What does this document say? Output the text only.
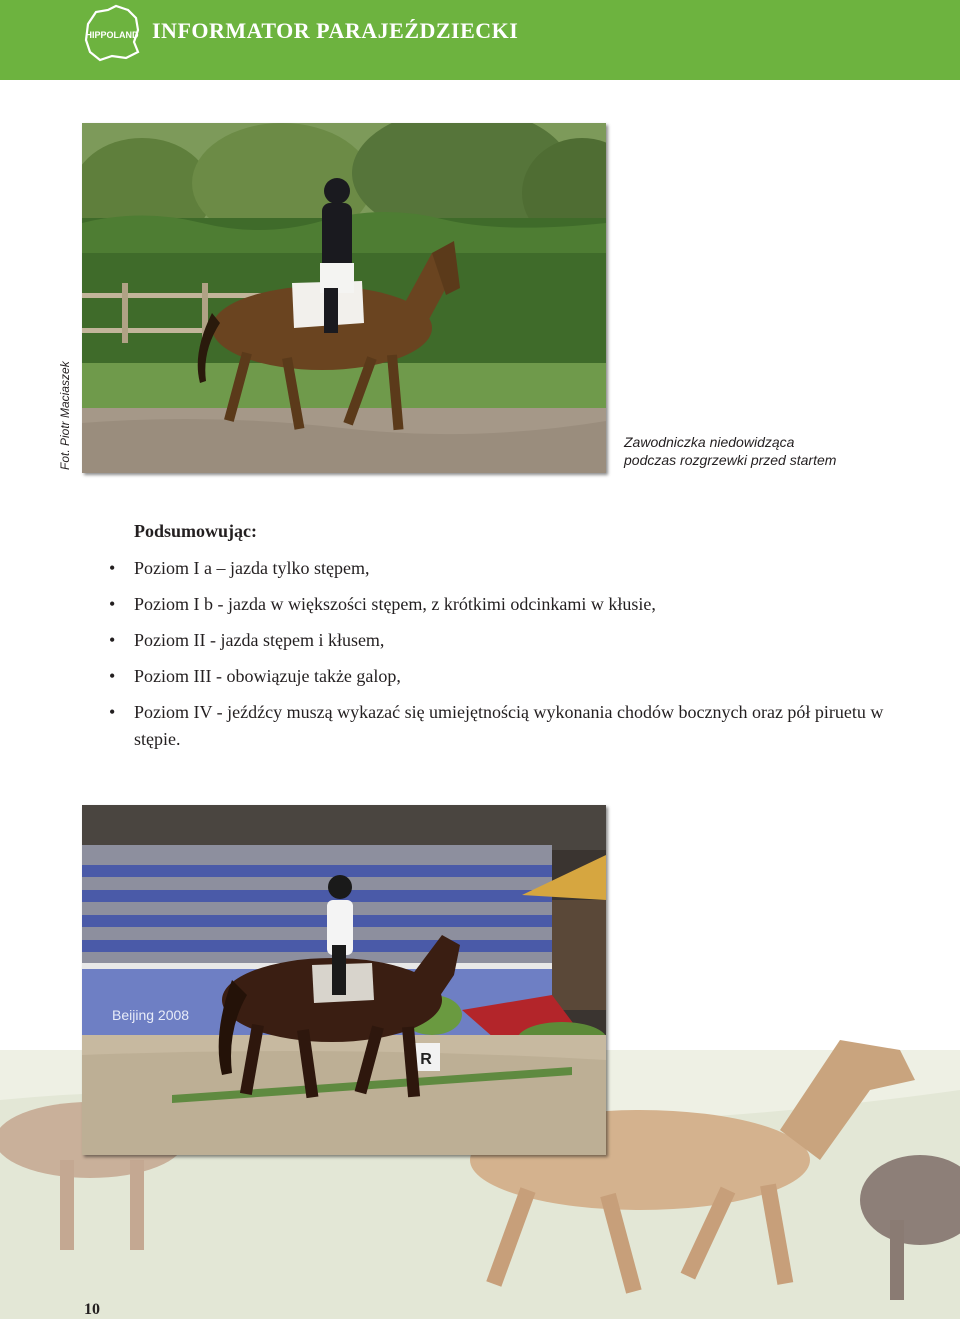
HIPPOLAND INFORMATOR PARAJEŹDZIECKI
Fot. Piotr Maciaszek	Zawodniczka niedowidząca
podczas rozgrzewki przed startem
Podsumowując:
• Poziom I a – jazda tylko stępem,
• Poziom I b - jazda w większości stępem, z krótkimi odcinkami w kłusie,
• Poziom II - jazda stępem i kłusem,
• Poziom III - obowiązuje także galop,
• Poziom IV - jeźdźcy muszą wykazać się umiejętnością wykonania chodów bocznych oraz pół piruetu w stępie.
Beijing 2008
R
10
